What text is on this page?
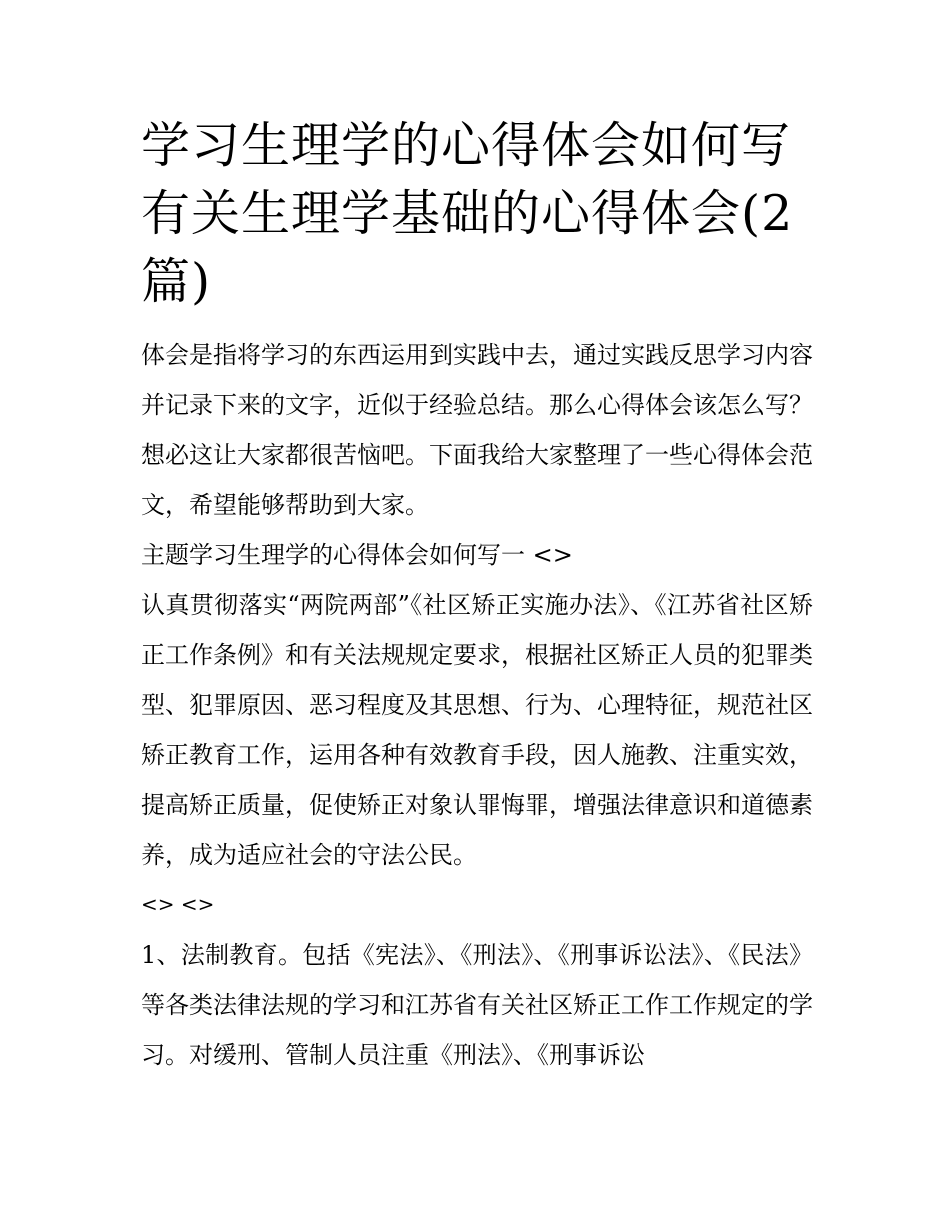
学习生理学的心得体会如何写有关生理学基础的心得体会(2篇)

体会是指将学习的东西运用到实践中去，通过实践反思学习内容并记录下来的文字，近似于经验总结。那么心得体会该怎么写？想必这让大家都很苦恼吧。下面我给大家整理了一些心得体会范文，希望能够帮助到大家。

主题学习生理学的心得体会如何写一 <>

认真贯彻落实“两院两部”《社区矫正实施办法》、《江苏省社区矫正工作条例》和有关法规规定要求，根据社区矫正人员的犯罪类型、犯罪原因、恶习程度及其思想、行为、心理特征，规范社区矫正教育工作，运用各种有效教育手段，因人施教、注重实效，提高矫正质量，促使矫正对象认罪悔罪，增强法律意识和道德素养，成为适应社会的守法公民。

<> <>

1、法制教育。包括《宪法》、《刑法》、《刑事诉讼法》、《民法》等各类法律法规的学习和江苏省有关社区矫正工作工作规定的学习。对缓刑、管制人员注重《刑法》、《刑事诉讼
